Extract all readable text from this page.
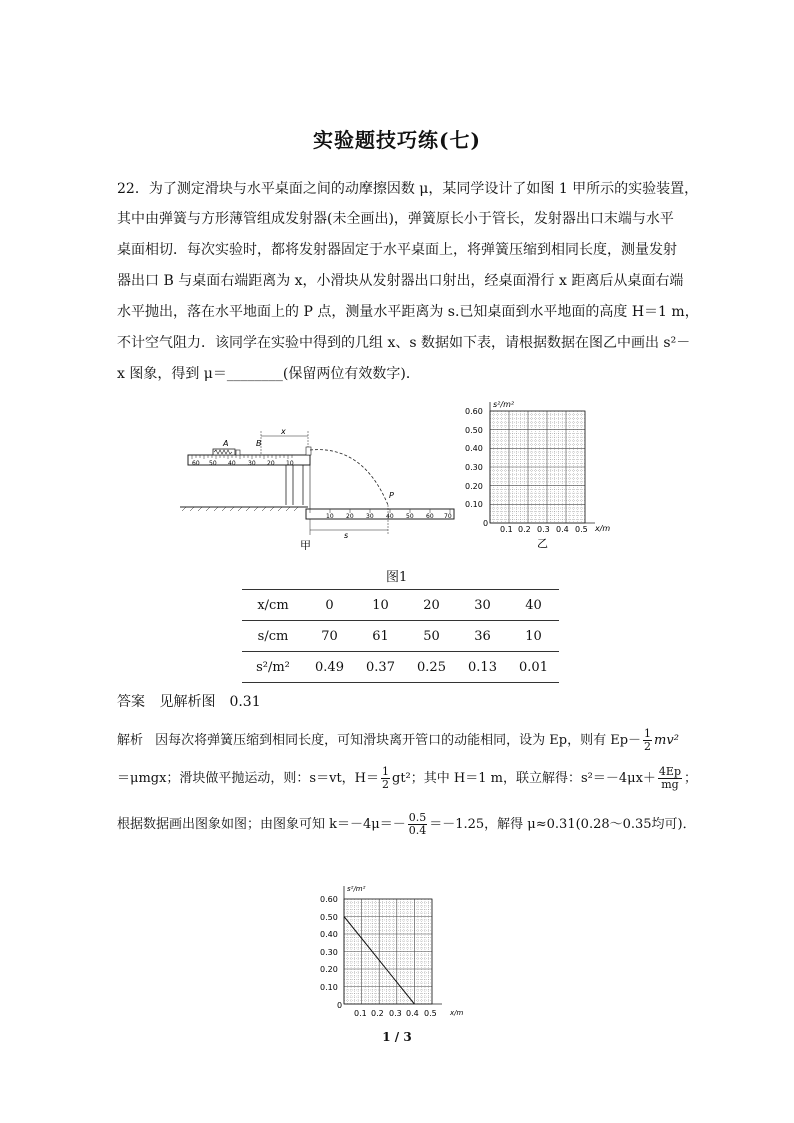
实验题技巧练(七)
22．为了测定滑块与水平桌面之间的动摩擦因数 μ，某同学设计了如图 1 甲所示的实验装置，
其中由弹簧与方形薄管组成发射器(未全画出)，弹簧原长小于管长，发射器出口末端与水平
桌面相切．每次实验时，都将发射器固定于水平桌面上，将弹簧压缩到相同长度，测量发射
器出口 B 与桌面右端距离为 x，小滑块从发射器出口射出，经桌面滑行 x 距离后从桌面右端
水平抛出，落在水平地面上的 P 点，测量水平距离为 s.已知桌面到水平地面的高度 H＝1 m，
不计空气阻力．该同学在实验中得到的几组 x、s 数据如下表，请根据数据在图乙中画出 s²－
x 图象，得到 μ＝________(保留两位有效数字)．
60 50 40 30 20 10
A	B
x
P
10 20 30 40 50 60 70
s
甲
s²/m²
x/m
0.60
0.50
0.40
0.30
0.20
0.10
0
0.1 0.2 0.3 0.4 0.5
乙
图1
x/cm	0	10	20	30	40
s/cm	70	61	50	36	10
s²/m²	0.49	0.37	0.25	0.13	0.01
答案 见解析图　0.31
解析 因每次将弹簧压缩到相同长度，可知滑块离开管口的动能相同，设为 Ep，则有 $Ep- \frac{1}{2} mv^2$
＝μmgx；滑块做平抛运动，则：s＝vt，$H= \frac{1}{2} gt^2$；其中 H＝1 m，联立解得：$s^2=-4\mu x+ \frac{4Ep}{mg}$ ；
根据数据画出图象如图；由图象可知 $k=-4\mu=- \frac{0.5}{0.4} =-1.25$，解得 μ≈0.31(0.28～0.35均可)．
s²/m²
x/m
0.60
0.50
0.40
0.30
0.20
0.10
0
0.1 0.2 0.3 0.4 0.5
1 / 3
